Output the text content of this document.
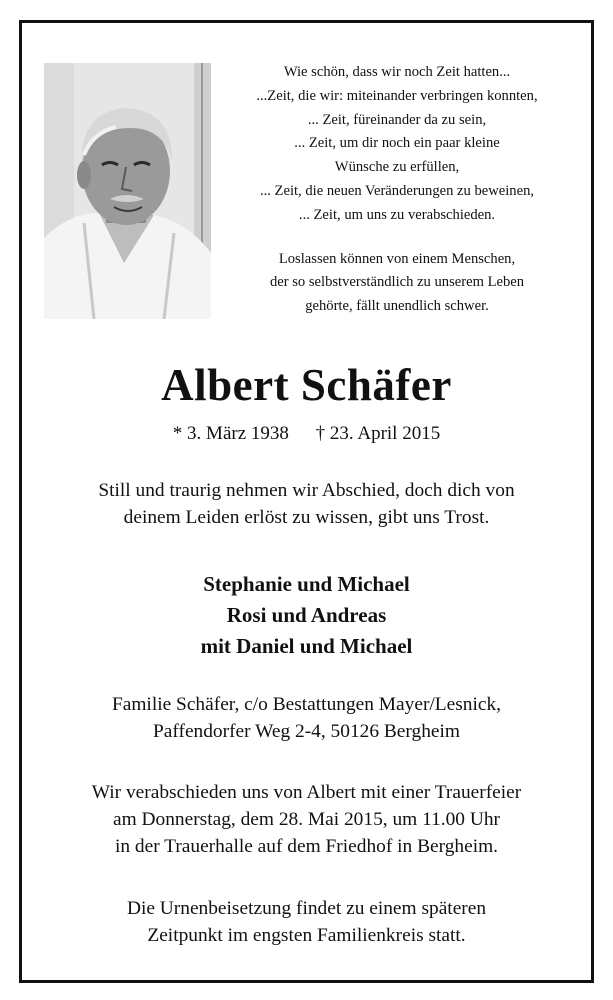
Wie schön, dass wir noch Zeit hatten...
...Zeit, die wir: miteinander verbringen konnten,
... Zeit, füreinander da zu sein,
... Zeit, um dir noch ein paar kleine
Wünsche zu erfüllen,
... Zeit, die neuen Veränderungen zu beweinen,
... Zeit, um uns zu verabschieden.
Loslassen können von einem Menschen,
der so selbstverständlich zu unserem Leben
gehörte, fällt unendlich schwer.
Albert Schäfer
* 3. März 1938 † 23. April 2015
Still und traurig nehmen wir Abschied, doch dich von
deinem Leiden erlöst zu wissen, gibt uns Trost.
Stephanie und Michael
Rosi und Andreas
mit Daniel und Michael
Familie Schäfer, c/o Bestattungen Mayer/Lesnick,
Paffendorfer Weg 2-4, 50126 Bergheim
Wir verabschieden uns von Albert mit einer Trauerfeier
am Donnerstag, dem 28. Mai 2015, um 11.00 Uhr
in der Trauerhalle auf dem Friedhof in Bergheim.
Die Urnenbeisetzung findet zu einem späteren
Zeitpunkt im engsten Familienkreis statt.
